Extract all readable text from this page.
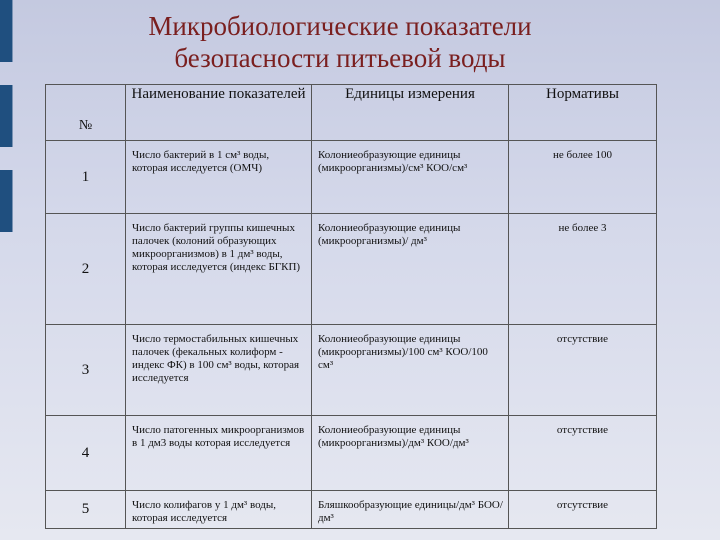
Микробиологические показатели
безопасности питьевой воды
№	Наименование показателей	Единицы измерения	Нормативы
1	Число бактерий в 1 см³ воды, которая исследуется (ОМЧ)	Колониеобразующие единицы (микроорганизмы)/см³ КОО/см³	не более 100
2	Число бактерий группы кишечных палочек (колоний образующих микроорганизмов) в 1 дм³ воды, которая исследуется (индекс БГКП)	Колониеобразующие единицы (микроорганизмы)/ дм³	не более 3
3	Число термостабильных кишечных палочек (фекальных колиформ - индекс ФК) в 100 см³ воды, которая исследуется	Колониеобразующие единицы (микроорганизмы)/100 см³ КОО/100 см³	отсутствие
4	Число патогенных микроорганизмов в 1 дм3 воды которая исследуется	Колониеобразующие единицы (микроорганизмы)/дм³ КОО/дм³	отсутствие
5	Число колифагов у 1 дм³ воды, которая исследуется	Бляшкообразующие единицы/дм³ БОО/дм³	отсутствие
